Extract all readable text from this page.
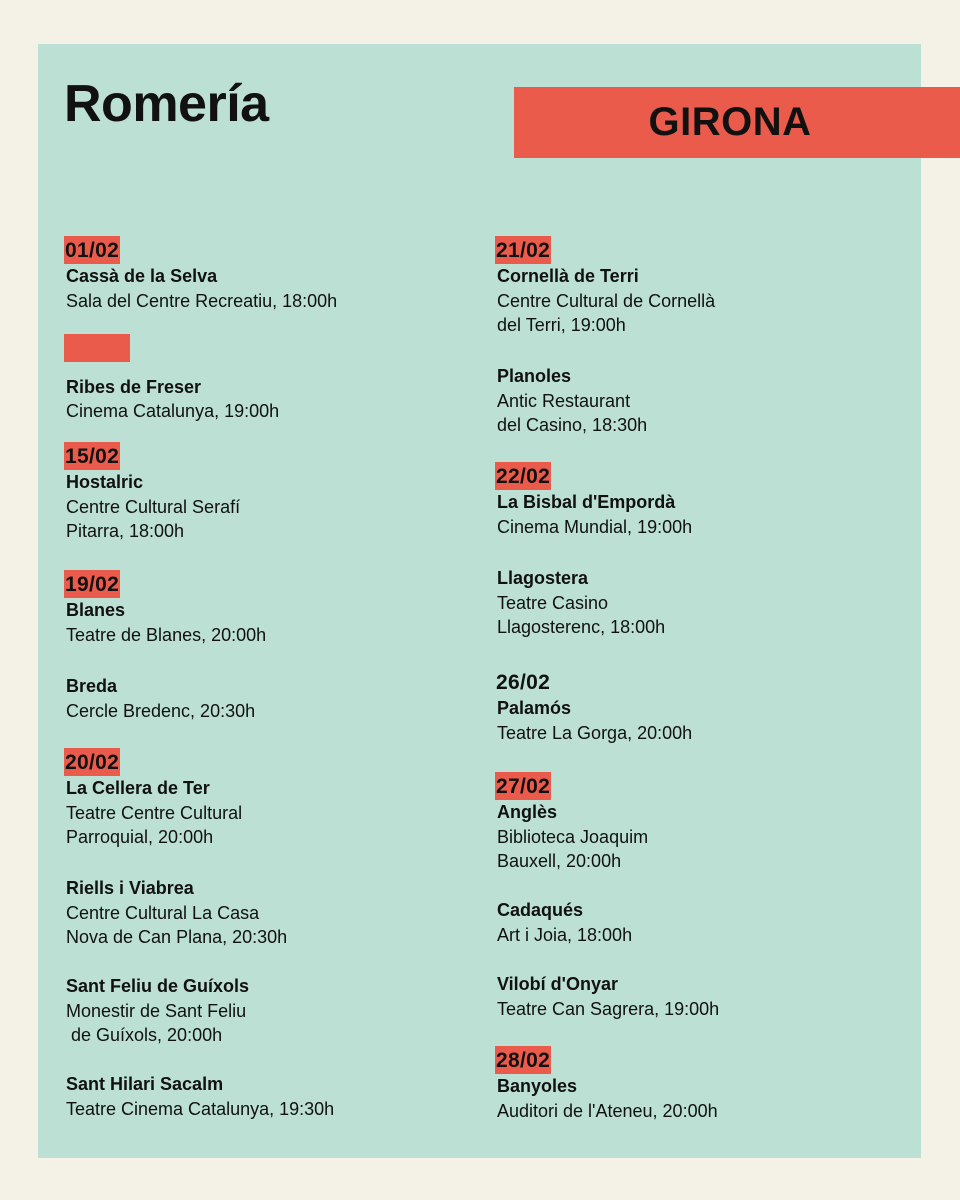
Romería	GIRONA
01/02
Cassà de la Selva
Sala del Centre Recreatiu, 18:00h
Ribes de Freser
Cinema Catalunya, 19:00h
15/02
Hostalric
Centre Cultural Serafí
Pitarra, 18:00h
19/02
Blanes
Teatre de Blanes, 20:00h
Breda
Cercle Bredenc, 20:30h
20/02
La Cellera de Ter
Teatre Centre Cultural
Parroquial, 20:00h
Riells i Viabrea
Centre Cultural La Casa
Nova de Can Plana, 20:30h
Sant Feliu de Guíxols
Monestir de Sant Feliu
de Guíxols, 20:00h
Sant Hilari Sacalm
Teatre Cinema Catalunya, 19:30h
21/02
Cornellà de Terri
Centre Cultural de Cornellà
del Terri, 19:00h
Planoles
Antic Restaurant
del Casino, 18:30h
22/02
La Bisbal d'Empordà
Cinema Mundial, 19:00h
Llagostera
Teatre Casino
Llagosterenc, 18:00h
26/02
Palamós
Teatre La Gorga, 20:00h
27/02
Anglès
Biblioteca Joaquim
Bauxell, 20:00h
Cadaqués
Art i Joia, 18:00h
Vilobí d'Onyar
Teatre Can Sagrera, 19:00h
28/02
Banyoles
Auditori de l'Ateneu, 20:00h
